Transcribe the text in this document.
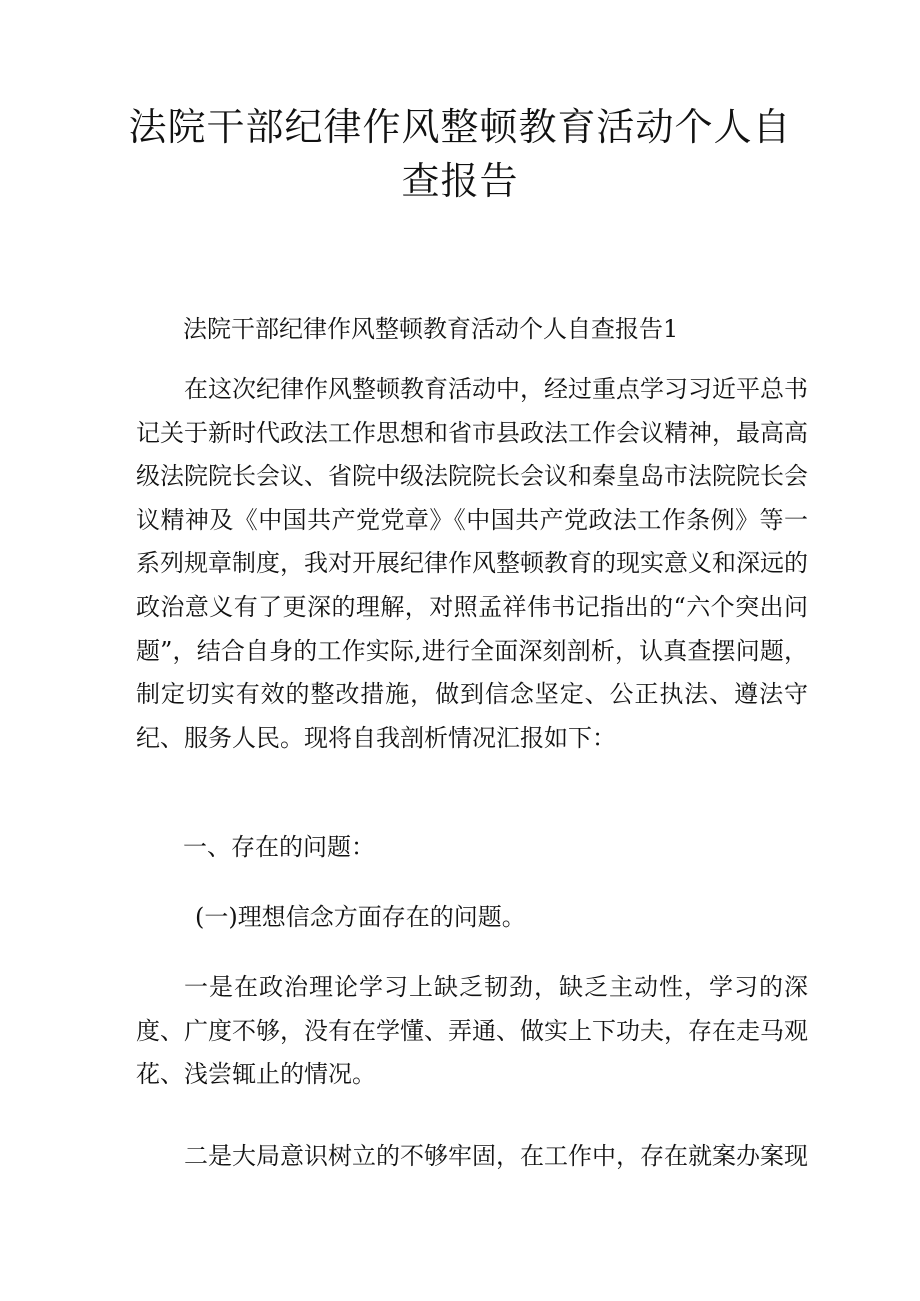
法院干部纪律作风整顿教育活动个人自查报告

法院干部纪律作风整顿教育活动个人自查报告1

在这次纪律作风整顿教育活动中，经过重点学习习近平总书记关于新时代政法工作思想和省市县政法工作会议精神，最高高级法院院长会议、省院中级法院院长会议和秦皇岛市法院院长会议精神及《中国共产党党章》《中国共产党政法工作条例》等一系列规章制度，我对开展纪律作风整顿教育的现实意义和深远的政治意义有了更深的理解，对照孟祥伟书记指出的“六个突出问题”，结合自身的工作实际,进行全面深刻剖析，认真查摆问题，制定切实有效的整改措施，做到信念坚定、公正执法、遵法守纪、服务人民。现将自我剖析情况汇报如下：

一、存在的问题：

(一)理想信念方面存在的问题。

一是在政治理论学习上缺乏韧劲，缺乏主动性，学习的深度、广度不够，没有在学懂、弄通、做实上下功夫，存在走马观花、浅尝辄止的情况。

二是大局意识树立的不够牢固，在工作中，存在就案办案现
